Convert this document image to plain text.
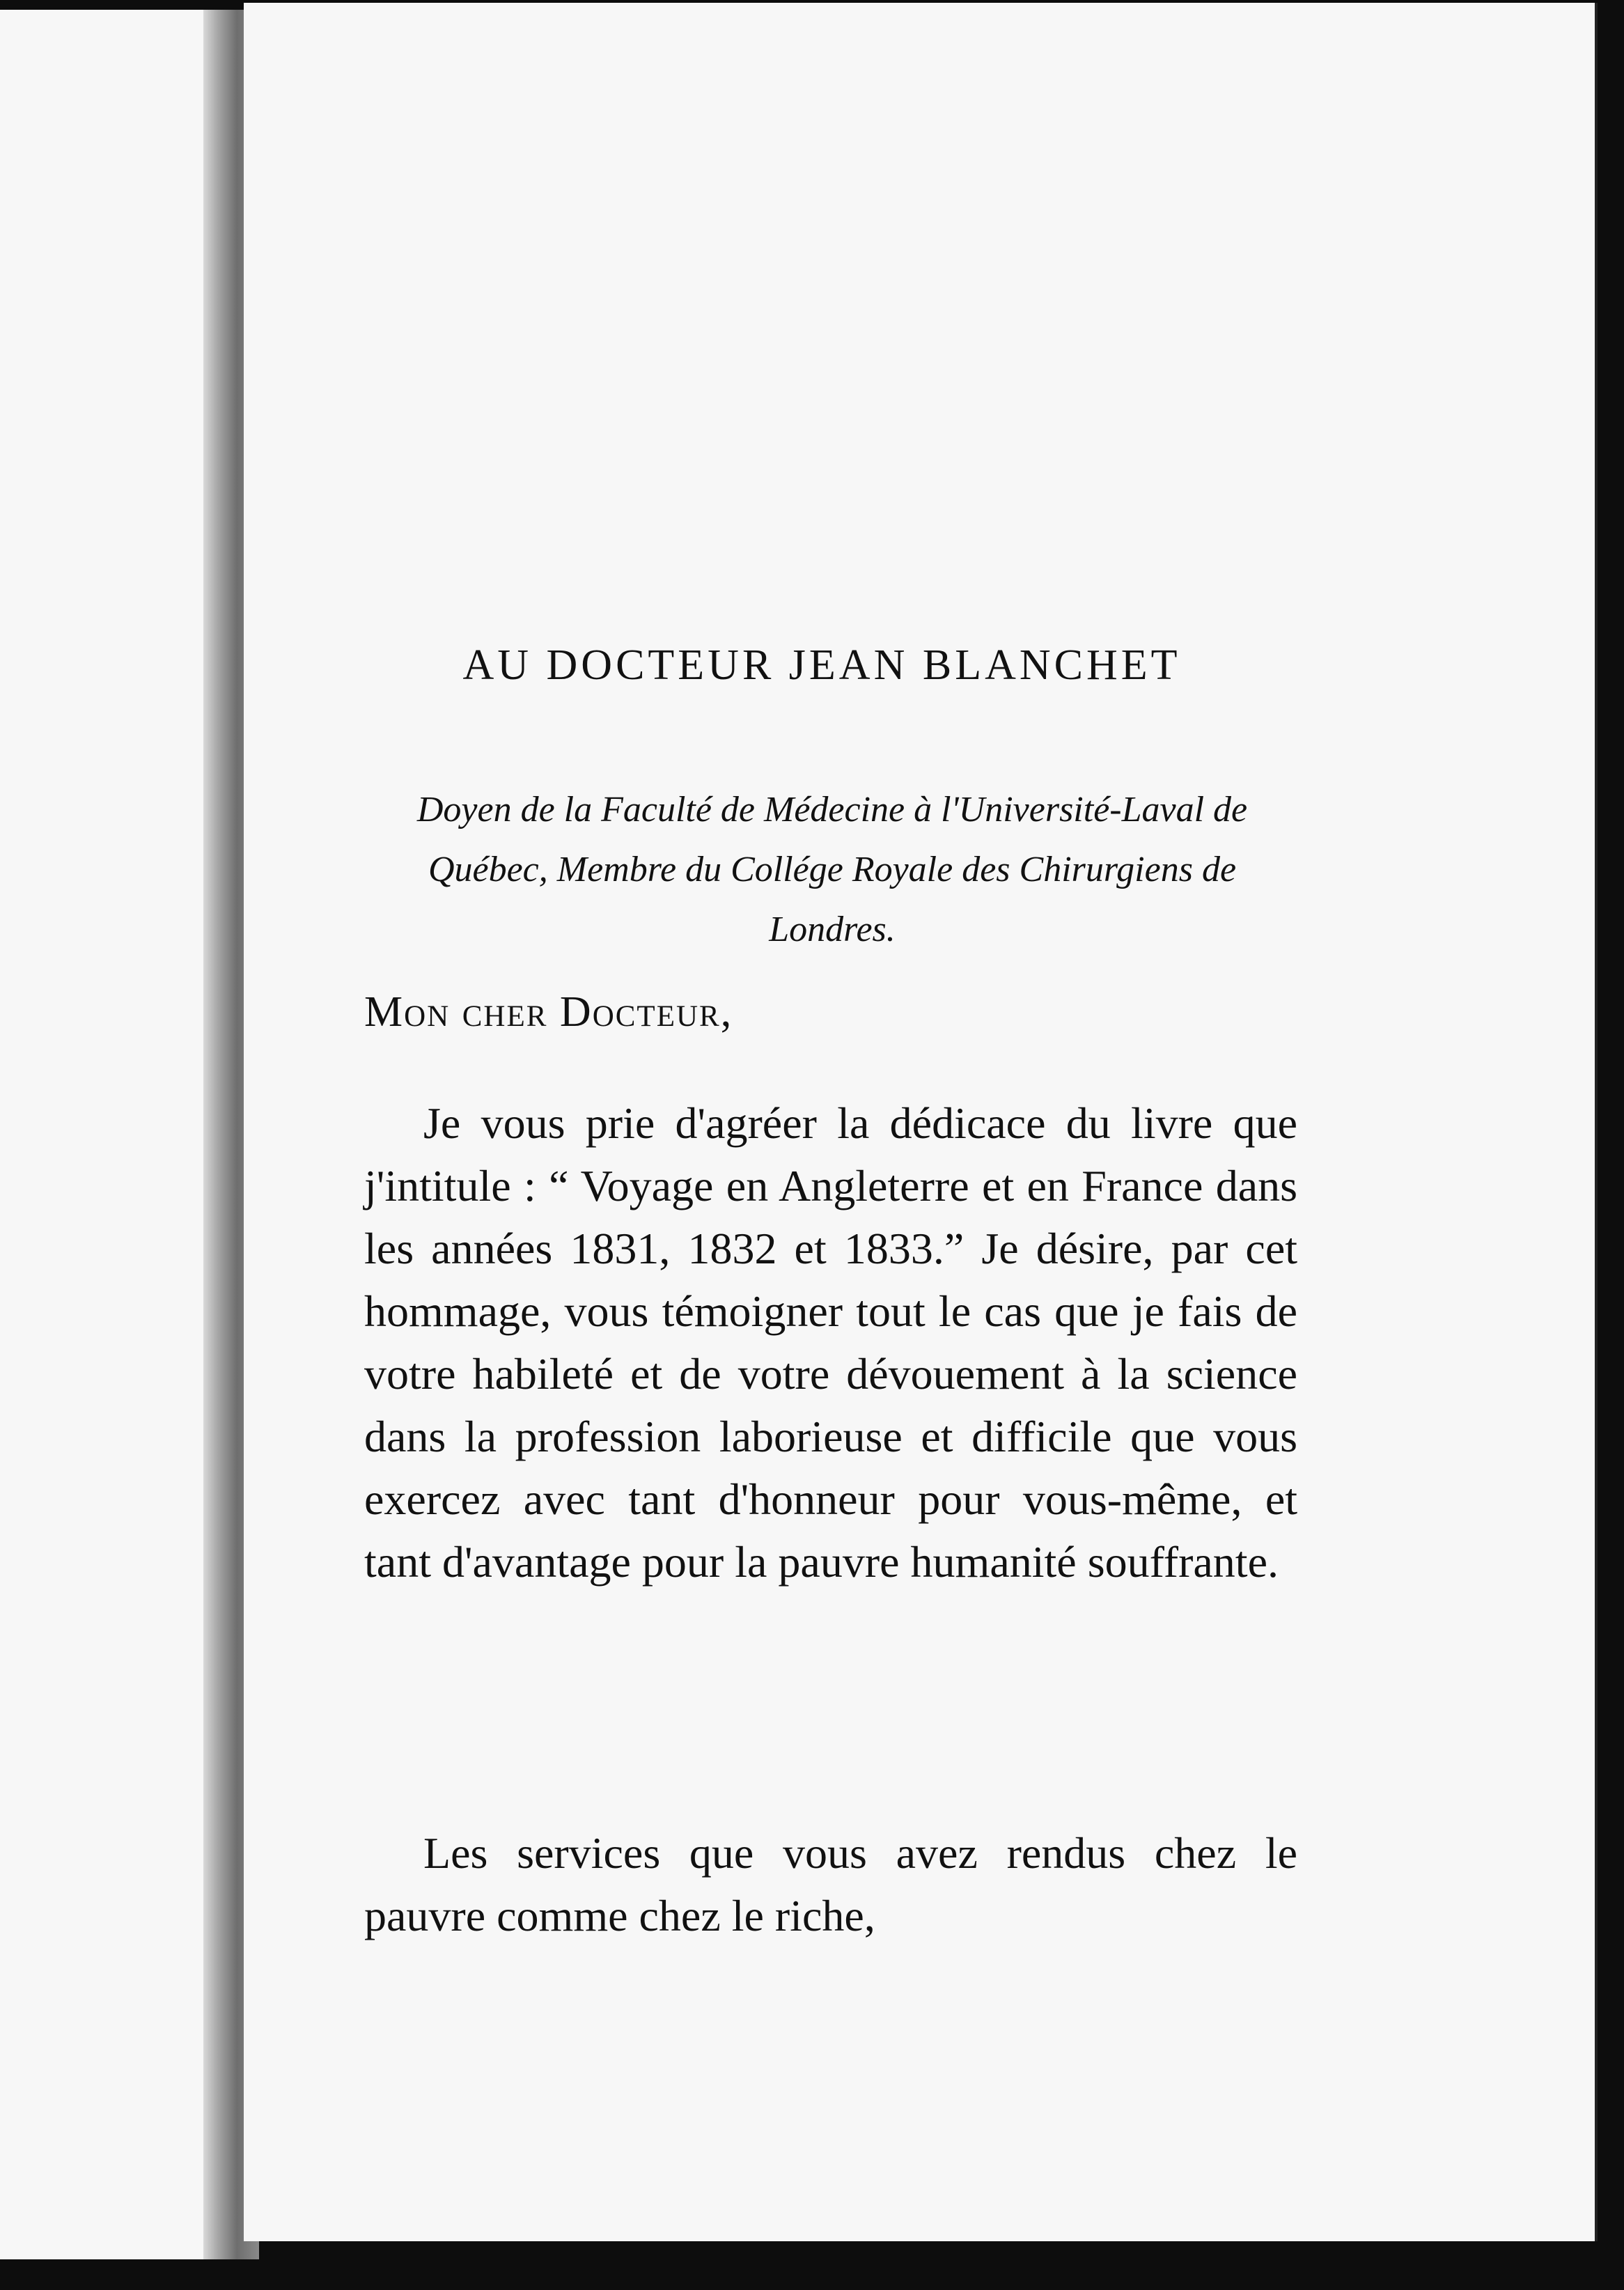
AU DOCTEUR JEAN BLANCHET
Doyen de la Faculté de Médecine à l'Université-Laval de Québec, Membre du Collége Royale des Chirurgiens de Londres.
Mon cher Docteur,
Je vous prie d'agréer la dédicace du livre que j'intitule : “ Voyage en Angleterre et en France dans les années 1831, 1832 et 1833.” Je désire, par cet hommage, vous témoigner tout le cas que je fais de votre habileté et de votre dévouement à la science dans la profession laborieuse et difficile que vous exercez avec tant d'honneur pour vous-même, et tant d'avantage pour la pauvre humanité souffrante.
Les services que vous avez rendus chez le pauvre comme chez le riche,
